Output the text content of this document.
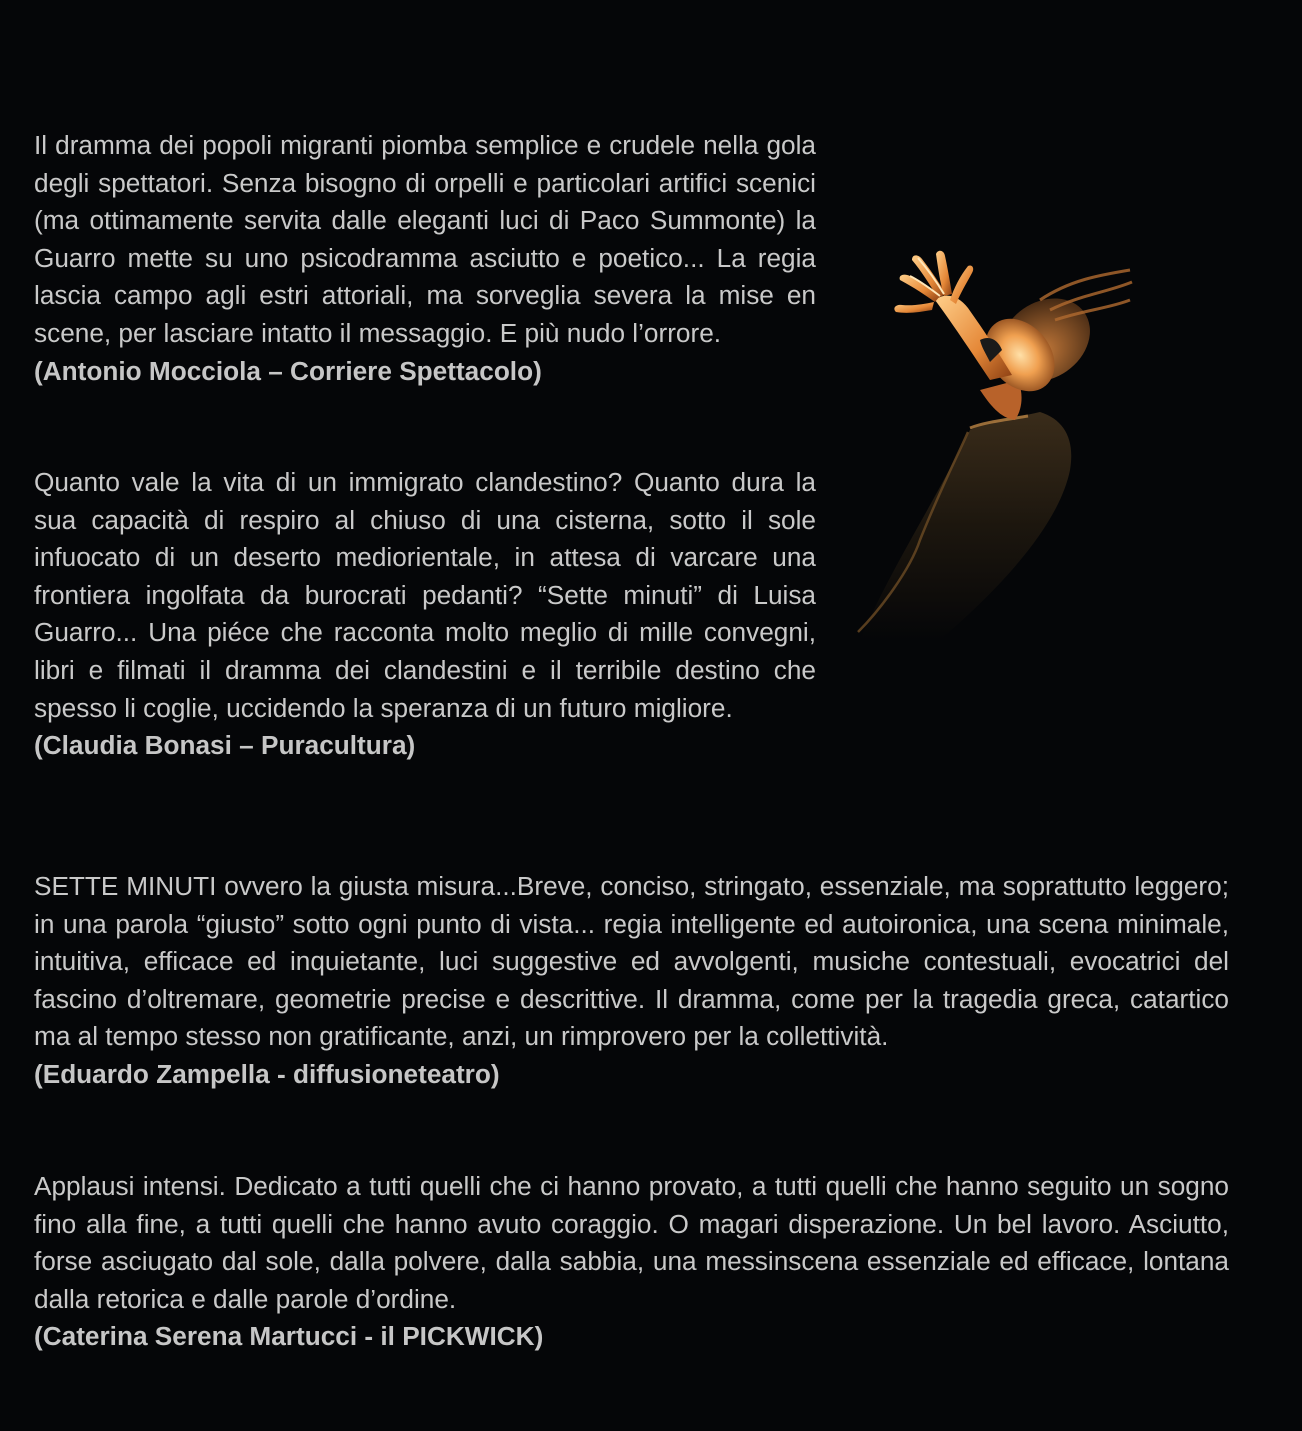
Il dramma dei popoli migranti piomba semplice e crudele nella gola degli spettatori. Senza bisogno di orpelli e particolari artifici scenici (ma ottimamente servita dalle eleganti luci di Paco Summonte) la Guarro mette su uno psicodramma asciutto e poetico... La regia lascia campo agli estri attoriali, ma sorveglia severa la mise en scene, per lasciare intatto il messaggio. E più nudo l’orrore.

(Antonio Mocciola – Corriere Spettacolo)

Quanto vale la vita di un immigrato clandestino? Quanto dura la sua capacità di respiro al chiuso di una cisterna, sotto il sole infuocato di un deserto mediorientale, in attesa di varcare una frontiera ingolfata da burocrati pedanti? “Sette minuti” di Luisa Guarro... Una piéce che racconta molto meglio di mille convegni, libri e filmati il dramma dei clandestini e il terribile destino che spesso li coglie, uccidendo la speranza di un futuro migliore.

(Claudia Bonasi – Puracultura)

SETTE MINUTI ovvero la giusta misura...Breve, conciso, stringato, essenziale, ma soprattutto leggero; in una parola “giusto” sotto ogni punto di vista... regia intelligente ed autoironica, una scena minimale, intuitiva, efficace ed inquietante, luci suggestive ed avvolgenti, musiche contestuali, evocatrici del fascino d’oltremare, geometrie precise e descrittive. Il dramma, come per la tragedia greca, catartico ma al tempo stesso non gratificante, anzi, un rimprovero per la collettività.

(Eduardo Zampella - diffusioneteatro)

Applausi intensi. Dedicato a tutti quelli che ci hanno provato, a tutti quelli che hanno seguito un sogno fino alla fine, a tutti quelli che hanno avuto coraggio. O magari disperazione. Un bel lavoro. Asciutto, forse asciugato dal sole, dalla polvere, dalla sabbia, una messinscena essenziale ed efficace, lontana dalla retorica e dalle parole d’ordine.

(Caterina Serena Martucci - il PICKWICK)
